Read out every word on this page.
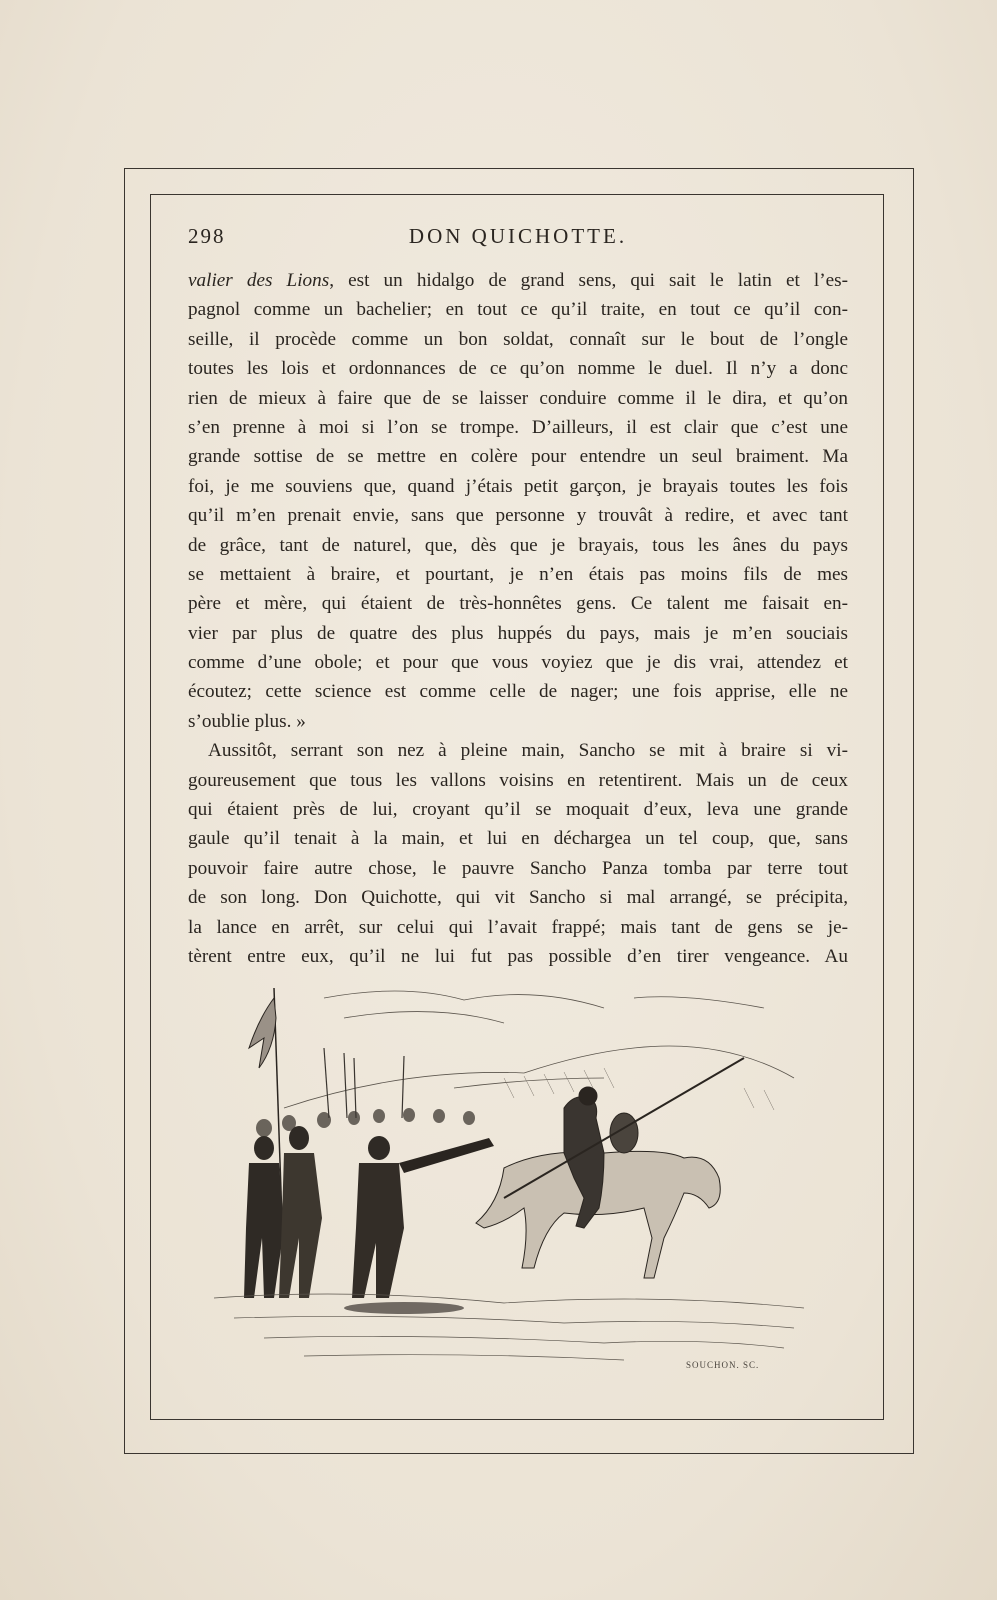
298	DON QUICHOTTE.
valier des Lions, est un hidalgo de grand sens, qui sait le latin et l’es-
pagnol comme un bachelier; en tout ce qu’il traite, en tout ce qu’il con-
seille, il procède comme un bon soldat, connaît sur le bout de l’ongle
toutes les lois et ordonnances de ce qu’on nomme le duel. Il n’y a donc
rien de mieux à faire que de se laisser conduire comme il le dira, et qu’on
s’en prenne à moi si l’on se trompe. D’ailleurs, il est clair que c’est une
grande sottise de se mettre en colère pour entendre un seul braiment. Ma
foi, je me souviens que, quand j’étais petit garçon, je brayais toutes les fois
qu’il m’en prenait envie, sans que personne y trouvât à redire, et avec tant
de grâce, tant de naturel, que, dès que je brayais, tous les ânes du pays
se mettaient à braire, et pourtant, je n’en étais pas moins fils de mes
père et mère, qui étaient de très-honnêtes gens. Ce talent me faisait en-
vier par plus de quatre des plus huppés du pays, mais je m’en souciais
comme d’une obole; et pour que vous voyiez que je dis vrai, attendez et
écoutez; cette science est comme celle de nager; une fois apprise, elle ne
s’oublie plus. »
Aussitôt, serrant son nez à pleine main, Sancho se mit à braire si vi-
goureusement que tous les vallons voisins en retentirent. Mais un de ceux
qui étaient près de lui, croyant qu’il se moquait d’eux, leva une grande
gaule qu’il tenait à la main, et lui en déchargea un tel coup, que, sans
pouvoir faire autre chose, le pauvre Sancho Panza tomba par terre tout
de son long. Don Quichotte, qui vit Sancho si mal arrangé, se précipita,
la lance en arrêt, sur celui qui l’avait frappé; mais tant de gens se je-
tèrent entre eux, qu’il ne lui fut pas possible d’en tirer vengeance. Au
SOUCHON. SC.
